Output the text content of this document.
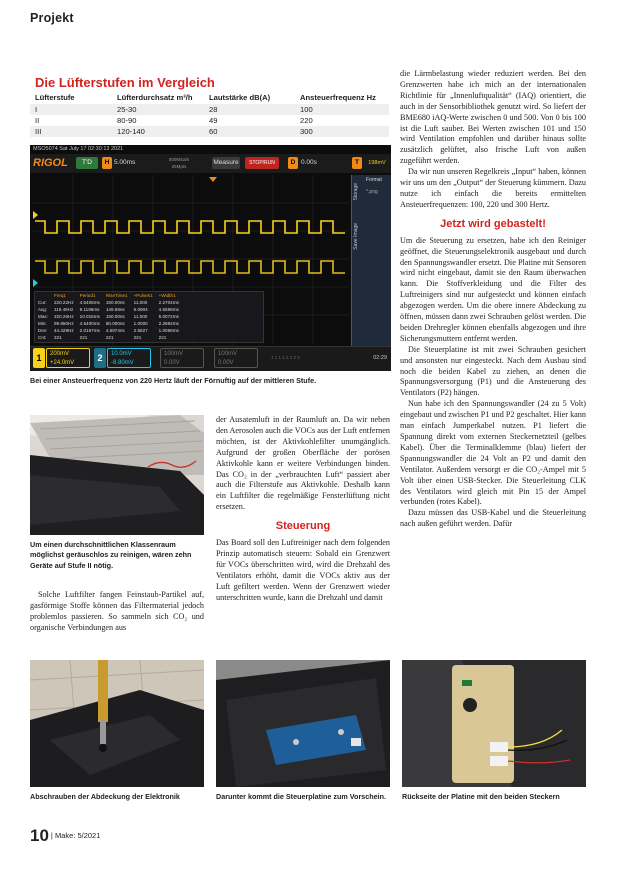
Projekt
Die Lüfterstufen im Vergleich
Lüfterstufe	Lüfterdurchsatz m³/h	Lautstärke dB(A)	Ansteuerfrequenz Hz
I	25-30	28	100
II	80-90	49	220
III	120-140	60	300
MSO5074 Sat July 17 02:30:13 2021
RIGOL	T'D	H 5.00ms	500MSa/s
25Mpts
Measure	STOP/RUN	D 0.00s	T	198mV
Format
*.png
Storage
Save Image
	Freq1	Period1	RiseTime1	+Pulses1	+Width1
Cur:	220.22Hz	4.5408ms	150.00ns	11.000	2.2704ms
Avg:	119.49Hz	9.1196ms	149.68ns	5.0904	4.5598ms
Max:	220.26Hz	10.015ms	150.00ns	11.000	5.0072ms
Min:	99.850Hz	4.5400ms	80.000ns	1.0000	2.2692ms
Dev:	44.429Hz	2.0187ms	4.6974ns	2.5827	1.0098ms
Cnt:	221	221	221	221	221
1	200mV
+24.0mV	2	10.0mV
-8.80mV
100mV
0.00V
100mV
0.00V
1 1 1 1 2 2 2 2	02:29
Bei einer Ansteuerfrequenz von 220 Hertz läuft der Förnuftig auf der mittleren Stufe.
Um einen durchschnittlichen Klassenraum möglichst geräuschlos zu reinigen, wären zehn Geräte auf Stufe II nötig.

Solche Luftfilter fangen Feinstaub-Partikel auf, gasförmige Stoffe können das Filtermaterial jedoch problemlos passieren. So sammeln sich CO₂ und organische Verbindungen aus

der Ausatemluft in der Raumluft an. Da wir neben den Aerosolen auch die VOCs aus der Luft entfernen möchten, ist der Aktivkohlefilter unumgänglich. Aufgrund der großen Oberfläche der porösen Aktivkohle kann er weitere Verbindungen binden. Das CO₂ in der „verbrauchten Luft“ passiert aber auch die Filterstufe aus Aktivkohle. Deshalb kann ein Luftfilter die regelmäßige Fensterlüftung nicht ersetzen.

Steuerung

Das Board soll den Luftreiniger nach dem folgenden Prinzip automatisch steuern: Sobald ein Grenzwert für VOCs überschritten wird, wird die Drehzahl des Ventilators erhöht, damit die VOCs aktiv aus der Luft gefiltert werden. Wenn der Grenzwert wieder unterschritten wurde, kann die Drehzahl und damit

die Lärmbelastung wieder reduziert werden. Bei den Grenzwerten habe ich mich an der internationalen Richtlinie für „Innenluftqualität“ (IAQ) orientiert, die auch in der Sensorbibliothek genutzt wird. So liefert der BME680 iAQ-Werte zwischen 0 und 500. Von 0 bis 100 ist die Luft sauber. Bei Werten zwischen 101 und 150 wird Ventilation empfohlen und darüber hinaus sollte zusätzlich gelüftet, also frische Luft von außen zugeführt werden.

Da wir nun unseren Regelkreis „Input“ haben, können wir uns um den „Output“ der Steuerung kümmern. Dazu nutze ich einfach die bereits ermittelten Ansteuerfrequenzen: 100, 220 und 300 Hertz.

Jetzt wird gebastelt!

Um die Steuerung zu ersetzen, habe ich den Reiniger geöffnet, die Steuerungselektronik ausgebaut und durch den Spannungswandler ersetzt. Die Platine mit Sensoren wird nicht eingebaut, damit sie den Raum überwachen kann. Die Stoffverkleidung und die Filter des Luftreinigers sind nur aufgesteckt und können einfach abgezogen werden. Um die obere innere Abdeckung zu öffnen, müssen dann zwei Schrauben gelöst werden. Die beiden Drehregler können ebenfalls abgezogen und ihre Sicherungsmuttern entfernt werden.

Die Steuerplatine ist mit zwei Schrauben gesichert und ansonsten nur eingesteckt. Nach dem Ausbau sind noch die beiden Kabel zu ziehen, an denen die Spannungsversorgung (P1) und die Ansteuerung des Ventilators (P2) hängen.

Nun habe ich den Spannungswandler (24 zu 5 Volt) eingebaut und zwischen P1 und P2 geschaltet. Hier kann man einfach Jumperkabel nutzen. P1 liefert die Spannung direkt vom externen Steckernetzteil (gelbes Kabel). Über die Terminalklemme (blau) liefert der Spannungswandler die 24 Volt an P2 und damit den Ventilator. Außerdem versorgt er die CO₂-Ampel mit 5 Volt über einen USB-Stecker. Die Steuerleitung CLK des Ventilators wird gleich mit Pin 15 der Ampel verbunden (rotes Kabel).

Dazu müssen das USB-Kabel und die Steuerleitung nach außen geführt werden. Dafür

Abschrauben der Abdeckung der Elektronik	Darunter kommt die Steuerplatine zum Vorschein.	Rückseite der Platine mit den beiden Steckern
10 | Make: 5/2021
